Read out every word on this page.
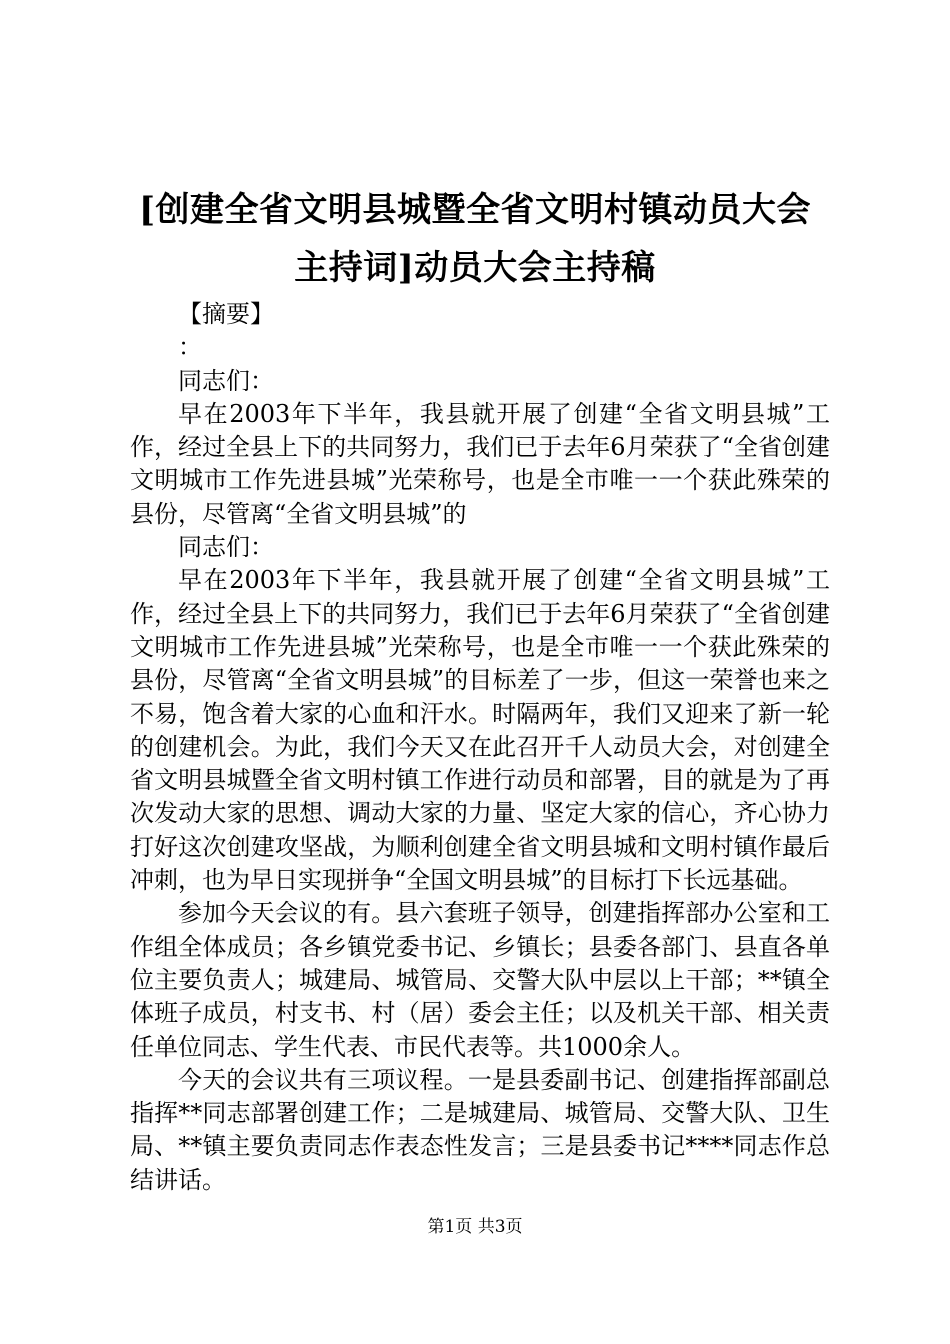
[创建全省文明县城暨全省文明村镇动员大会
主持词]动员大会主持稿

【摘要】

：

同志们：

早在2003年下半年，我县就开展了创建“全省文明县城”工作，经过全县上下的共同努力，我们已于去年6月荣获了“全省创建文明城市工作先进县城”光荣称号，也是全市唯一一个获此殊荣的县份，尽管离“全省文明县城”的

同志们：

早在2003年下半年，我县就开展了创建“全省文明县城”工作，经过全县上下的共同努力，我们已于去年6月荣获了“全省创建文明城市工作先进县城”光荣称号，也是全市唯一一个获此殊荣的县份，尽管离“全省文明县城”的目标差了一步，但这一荣誉也来之不易，饱含着大家的心血和汗水。时隔两年，我们又迎来了新一轮的创建机会。为此，我们今天又在此召开千人动员大会，对创建全省文明县城暨全省文明村镇工作进行动员和部署，目的就是为了再次发动大家的思想、调动大家的力量、坚定大家的信心，齐心协力打好这次创建攻坚战，为顺利创建全省文明县城和文明村镇作最后冲刺，也为早日实现拼争“全国文明县城”的目标打下长远基础。

参加今天会议的有。县六套班子领导，创建指挥部办公室和工作组全体成员；各乡镇党委书记、乡镇长；县委各部门、县直各单位主要负责人；城建局、城管局、交警大队中层以上干部；**镇全体班子成员，村支书、村（居）委会主任；以及机关干部、相关责任单位同志、学生代表、市民代表等。共1000余人。

今天的会议共有三项议程。一是县委副书记、创建指挥部副总指挥**同志部署创建工作；二是城建局、城管局、交警大队、卫生局、**镇主要负责同志作表态性发言；三是县委书记****同志作总结讲话。

第1页 共3页
